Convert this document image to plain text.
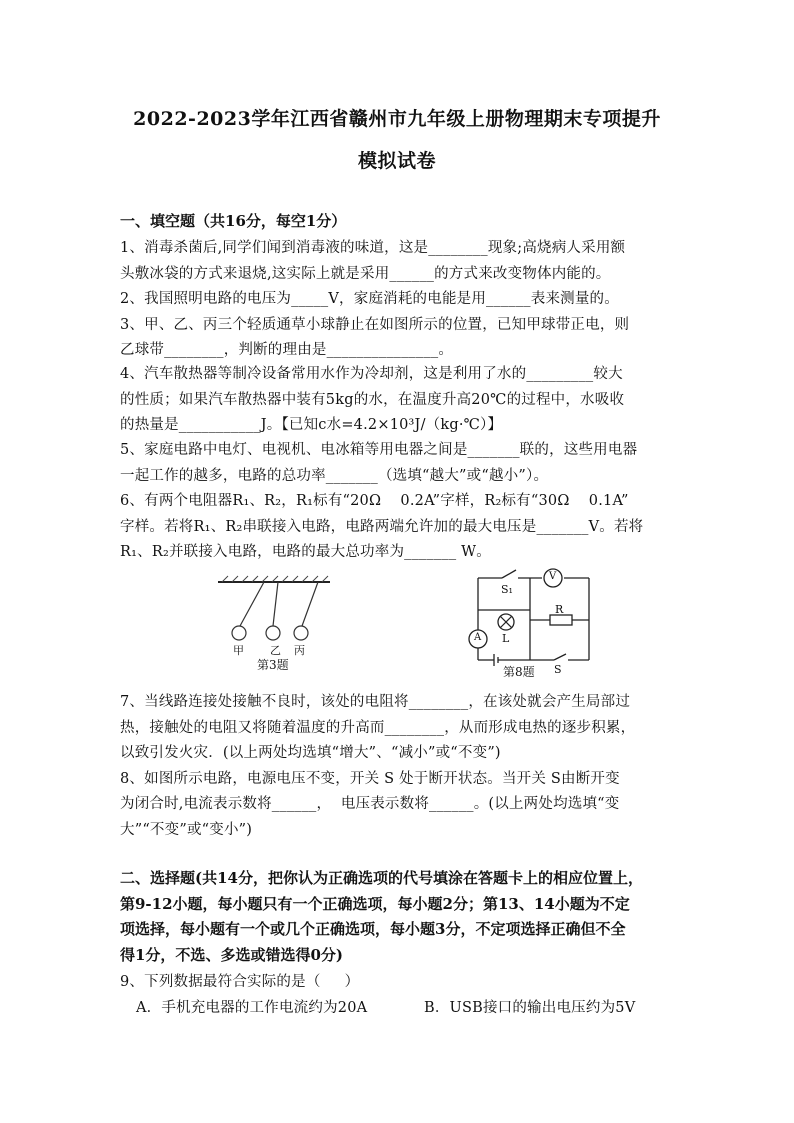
2022-2023学年江西省赣州市九年级上册物理期末专项提升
模拟试卷
一、填空题（共16分，每空1分）
1、消毒杀菌后,同学们闻到消毒液的味道，这是________现象;高烧病人采用额
头敷冰袋的方式来退烧,这实际上就是采用______的方式来改变物体内能的。
2、我国照明电路的电压为_____V，家庭消耗的电能是用______表来测量的。
3、甲、乙、丙三个轻质通草小球静止在如图所示的位置，已知甲球带正电，则
乙球带________，判断的理由是_______________。
4、汽车散热器等制冷设备常用水作为冷却剂，这是利用了水的_________较大
的性质；如果汽车散热器中装有5kg的水，在温度升高20℃的过程中，水吸收
的热量是___________J。【已知c水=4.2×10³J/（kg·℃）】
5、家庭电路中电灯、电视机、电冰箱等用电器之间是_______联的，这些用电器
一起工作的越多，电路的总功率_______（选填“越大”或“越小”）。
6、有两个电阻器R₁、R₂，R₁标有“20Ω    0.2A”字样，R₂标有“30Ω    0.1A”
字样。若将R₁、R₂串联接入电路，电路两端允许加的最大电压是_______V。若将
R₁、R₂并联接入电路，电路的最大总功率为_______ W。
甲 乙 丙
第3题
S₁
V
R
A L
S
第8题
7、当线路连接处接触不良时，该处的电阻将________，在该处就会产生局部过
热，接触处的电阻又将随着温度的升高而________，从而形成电热的逐步积累，
以致引发火灾．(以上两处均选填“增大”、“减小”或“不变”)
8、如图所示电路，电源电压不变，开关 S 处于断开状态。当开关 S由断开变
为闭合时,电流表示数将______，  电压表示数将______。(以上两处均选填“变
大”“不变”或“变小”)
二、选择题(共14分，把你认为正确选项的代号填涂在答题卡上的相应位置上，
第9-12小题，每小题只有一个正确选项，每小题2分；第13、14小题为不定
项选择，每小题有一个或几个正确选项，每小题3分，不定项选择正确但不全
得1分，不选、多选或错选得0分)
9、下列数据最符合实际的是（     ）
A．手机充电器的工作电流约为20A	B．USB接口的输出电压约为5V
